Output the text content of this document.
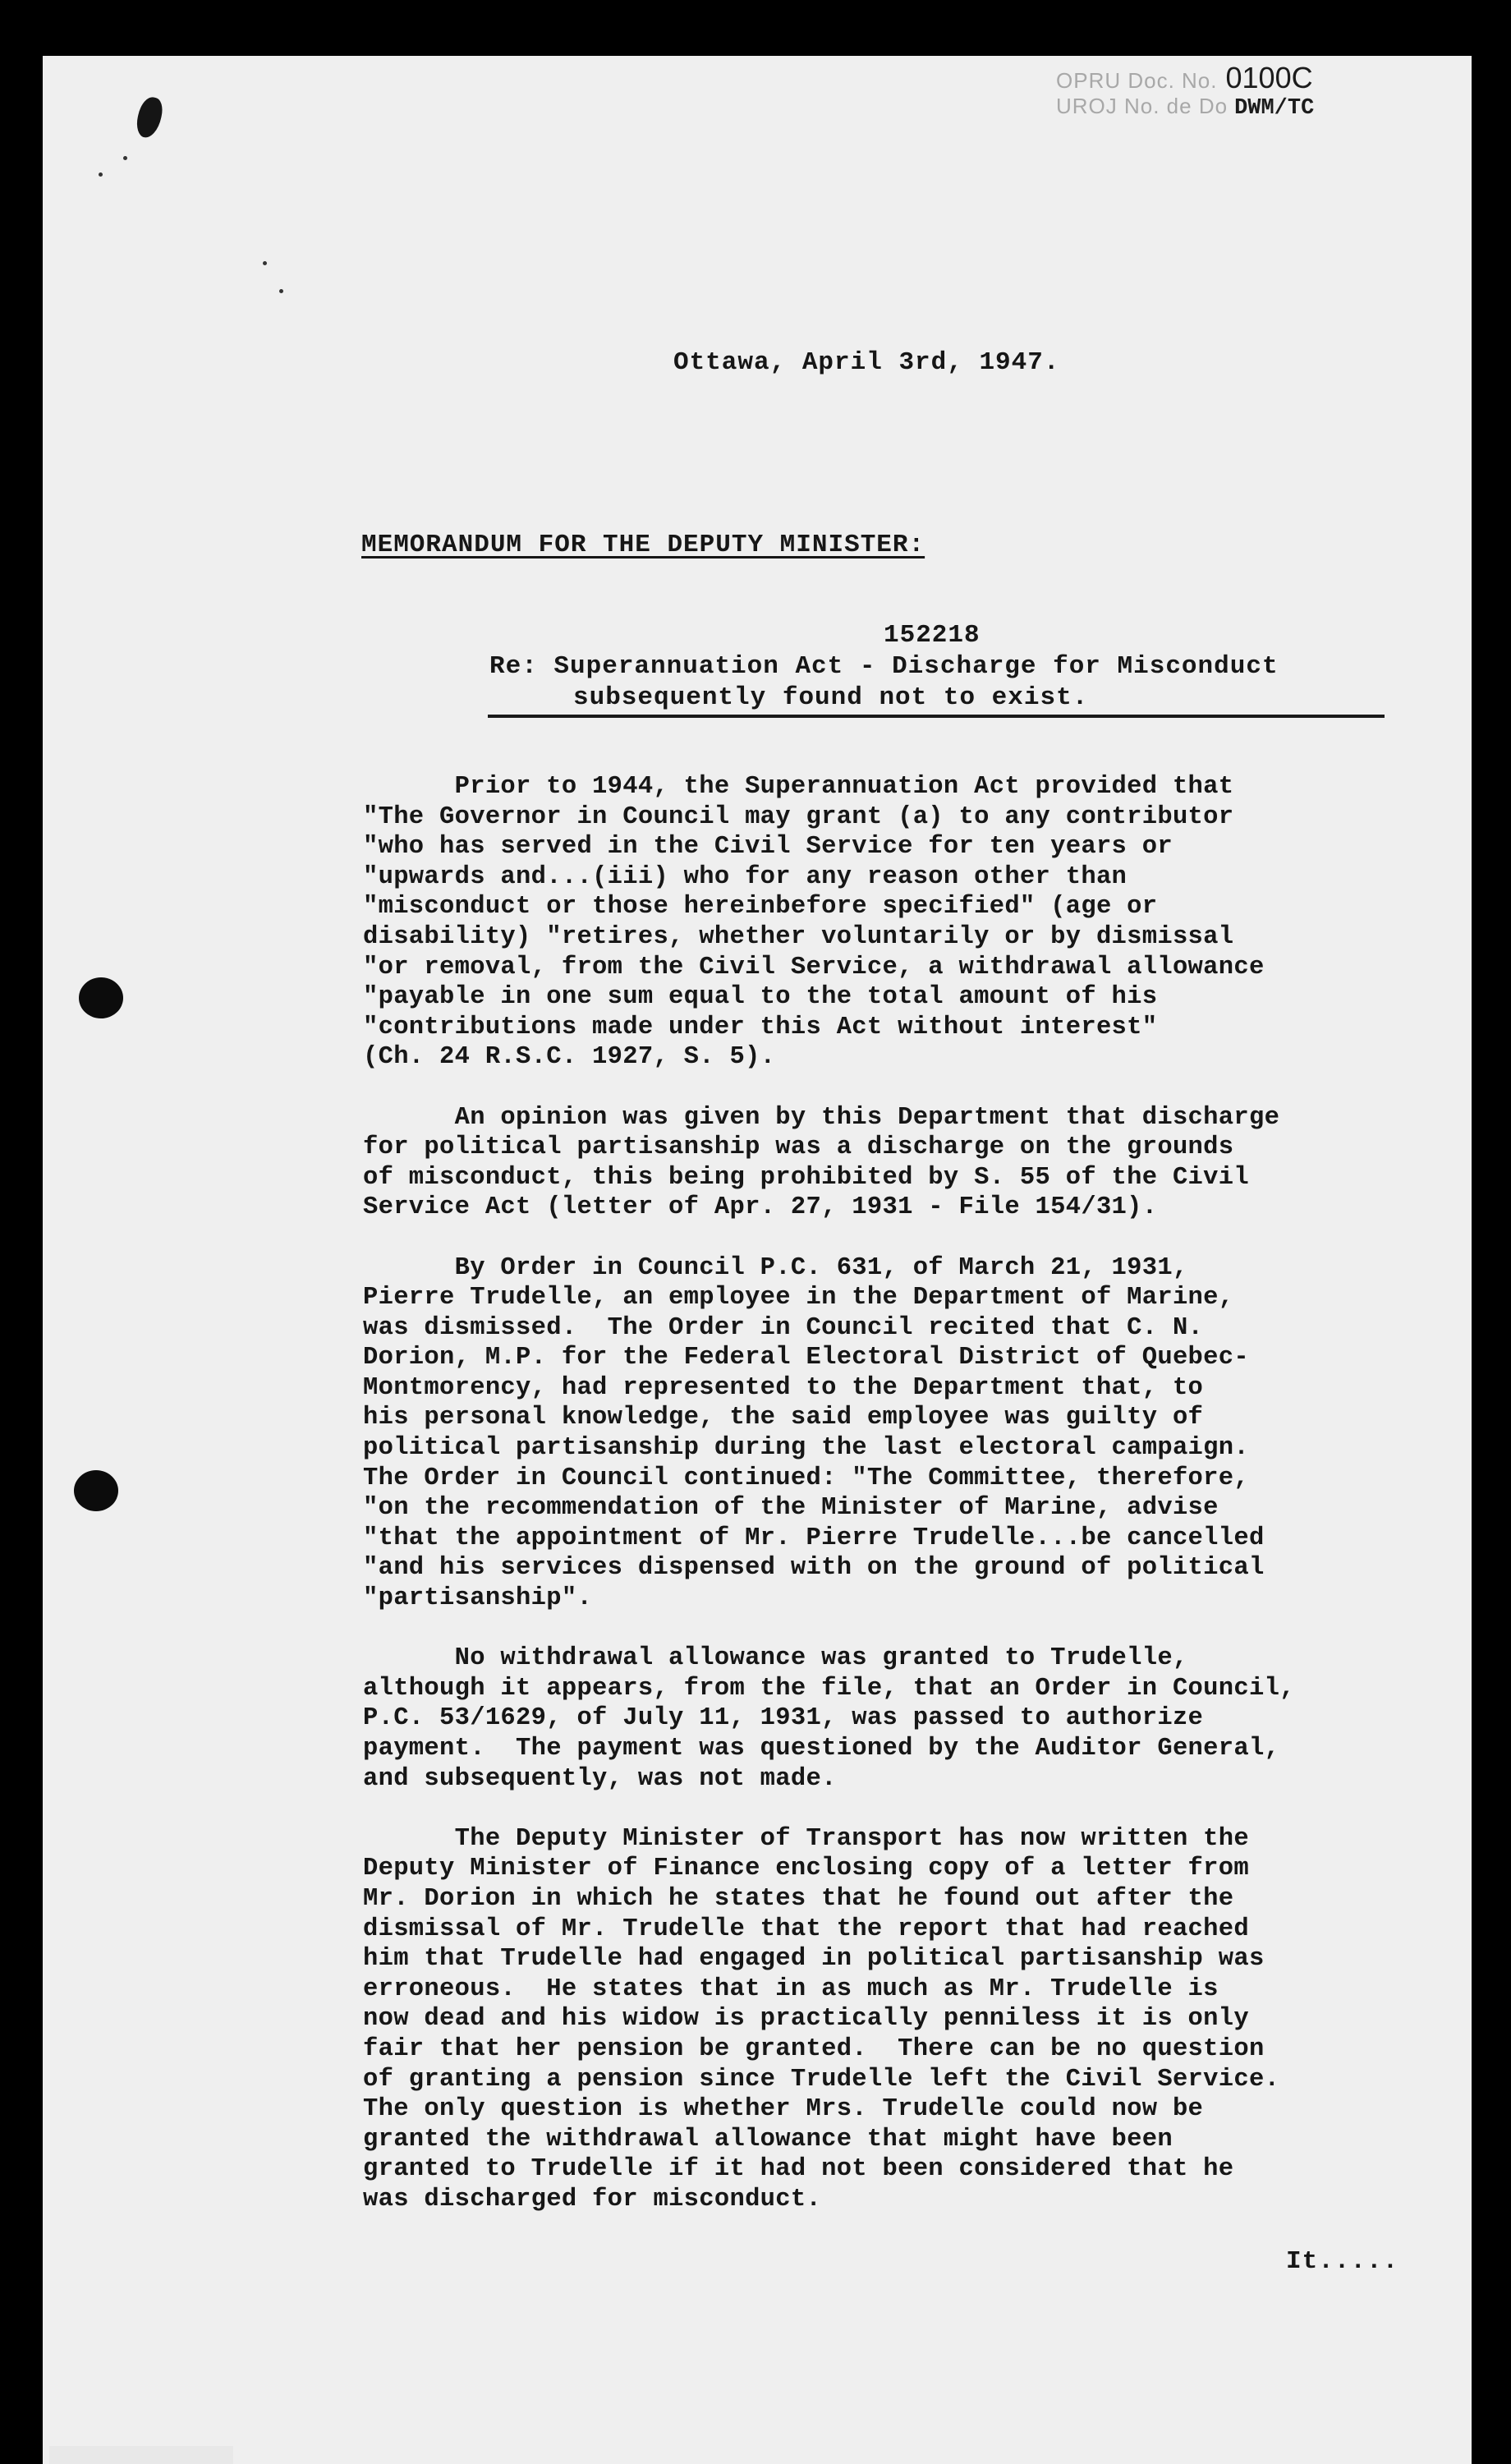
OPRU Doc. No. 0100C
UROJ No. de Do DWM/TC
Ottawa, April 3rd, 1947.
MEMORANDUM FOR THE DEPUTY MINISTER:
152218
Re: Superannuation Act - Discharge for Misconduct
subsequently found not to exist.
Prior to 1944, the Superannuation Act provided that
"The Governor in Council may grant (a) to any contributor
"who has served in the Civil Service for ten years or
"upwards and...(iii) who for any reason other than
"misconduct or those hereinbefore specified" (age or
disability) "retires, whether voluntarily or by dismissal
"or removal, from the Civil Service, a withdrawal allowance
"payable in one sum equal to the total amount of his
"contributions made under this Act without interest"
(Ch. 24 R.S.C. 1927, S. 5).
An opinion was given by this Department that discharge
for political partisanship was a discharge on the grounds
of misconduct, this being prohibited by S. 55 of the Civil
Service Act (letter of Apr. 27, 1931 - File 154/31).
By Order in Council P.C. 631, of March 21, 1931,
Pierre Trudelle, an employee in the Department of Marine,
was dismissed.  The Order in Council recited that C. N.
Dorion, M.P. for the Federal Electoral District of Quebec-
Montmorency, had represented to the Department that, to
his personal knowledge, the said employee was guilty of
political partisanship during the last electoral campaign.
The Order in Council continued: "The Committee, therefore,
"on the recommendation of the Minister of Marine, advise
"that the appointment of Mr. Pierre Trudelle...be cancelled
"and his services dispensed with on the ground of political
"partisanship".
No withdrawal allowance was granted to Trudelle,
although it appears, from the file, that an Order in Council,
P.C. 53/1629, of July 11, 1931, was passed to authorize
payment.  The payment was questioned by the Auditor General,
and subsequently, was not made.
The Deputy Minister of Transport has now written the
Deputy Minister of Finance enclosing copy of a letter from
Mr. Dorion in which he states that he found out after the
dismissal of Mr. Trudelle that the report that had reached
him that Trudelle had engaged in political partisanship was
erroneous.  He states that in as much as Mr. Trudelle is
now dead and his widow is practically penniless it is only
fair that her pension be granted.  There can be no question
of granting a pension since Trudelle left the Civil Service.
The only question is whether Mrs. Trudelle could now be
granted the withdrawal allowance that might have been
granted to Trudelle if it had not been considered that he
was discharged for misconduct.
It.....
